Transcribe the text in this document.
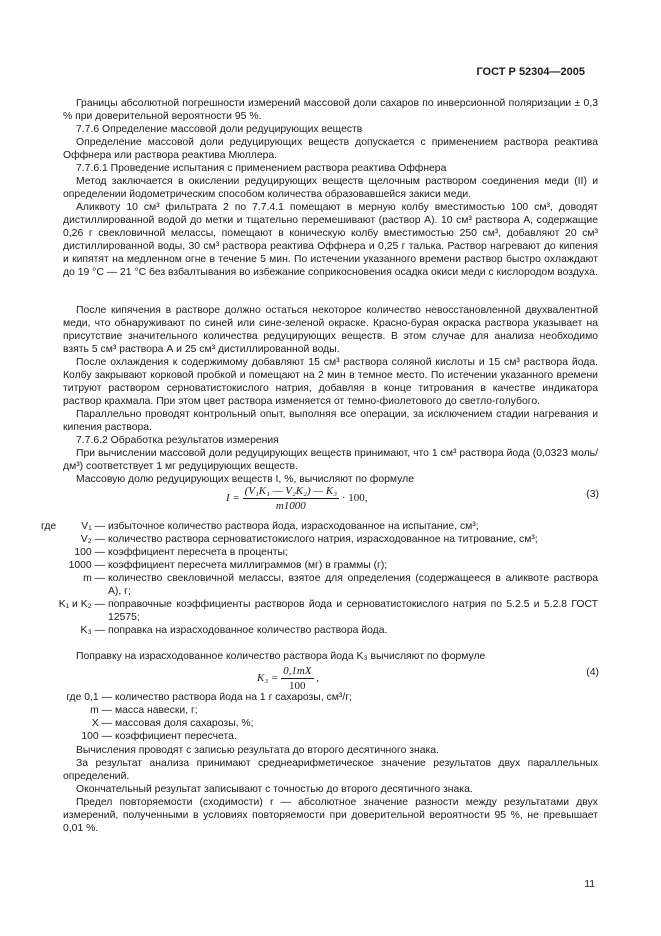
ГОСТ Р 52304—2005

Границы абсолютной погрешности измерений массовой доли сахаров по инверсионной поляризации ± 0,3 % при доверительной вероятности 95 %.

7.7.6 Определение массовой доли редуцирующих веществ

Определение массовой доли редуцирующих веществ допускается с применением раствора реактива Оффнера или раствора реактива Мюллера.

7.7.6.1 Проведение испытания с применением раствора реактива Оффнера

Метод заключается в окислении редуцирующих веществ щелочным раствором соединения меди (II) и определении йодометрическим способом количества образовавшейся закиси меди.

Аликвоту 10 см³ фильтрата 2 по 7.7.4.1 помещают в мерную колбу вместимостью 100 см³, доводят дистиллированной водой до метки и тщательно перемешивают (раствор А). 10 см³ раствора А, содержащие 0,26 г свекловичной мелассы, помещают в коническую колбу вместимостью 250 см³, добавляют 20 см³ дистиллированной воды, 30 см³ раствора реактива Оффнера и 0,25 г талька. Раствор нагревают до кипения и кипятят на медленном огне в течение 5 мин. По истечении указанного времени раствор быстро охлаждают до 19 °С — 21 °С без взбалтывания во избежание соприкосновения осадка окиси меди с кислородом воздуха.

После кипячения в растворе должно остаться некоторое количество невосстановленной двухвалентной меди, что обнаруживают по синей или сине-зеленой окраске. Красно-бурая окраска раствора указывает на присутствие значительного количества редуцирующих веществ. В этом случае для анализа необходимо взять 5 см³ раствора А и 25 см³ дистиллированной воды.

После охлаждения к содержимому добавляют 15 см³ раствора соляной кислоты и 15 см³ раствора йода. Колбу закрывают корковой пробкой и помещают на 2 мин в темное место. По истечении указанного времени титруют раствором серноватистокислого натрия, добавляя в конце титрования в качестве индикатора раствор крахмала. При этом цвет раствора изменяется от темно-фиолетового до светло-голубого.

Параллельно проводят контрольный опыт, выполняя все операции, за исключением стадии нагревания и кипения раствора.

7.7.6.2 Обработка результатов измерения

При вычислении массовой доли редуцирующих веществ принимают, что 1 см³ раствора йода (0,0323 моль/дм³) соответствует 1 мг редуцирующих веществ.

Массовую долю редуцирующих веществ I, %, вычисляют по формуле

$I = \frac{\text{(V₁K₁ — V₂K₂) — K₃}}{m1000} \cdot 100$,	(3)
где	V₁ — избыточное количество раствора йода, израсходованное на испытание, см³;
V₂ — количество раствора серноватистокислого натрия, израсходованное на титрование, см³;
100 — коэффициент пересчета в проценты;
1000 — коэффициент пересчета миллиграммов (мг) в граммы (г);
m — количество свекловичной мелассы, взятое для определения (содержащееся в аликвоте раствора А), г;
K₁ и K₂ — поправочные коэффициенты растворов йода и серноватистокислого натрия по 5.2.5 и 5.2.8 ГОСТ 12575;
K₃ — поправка на израсходованное количество раствора йода.

Поправку на израсходованное количество раствора йода K₃ вычисляют по формуле

$K_3 = \frac{0,1mX}{100}$ ,	(4)
где 0,1 — количество раствора йода на 1 г сахарозы, см³/г;
m — масса навески, г;
X — массовая доля сахарозы, %;
100 — коэффициент пересчета.

Вычисления проводят с записью результата до второго десятичного знака.

За результат анализа принимают среднеарифметическое значение результатов двух параллельных определений.

Окончательный результат записывают с точностью до второго десятичного знака.

Предел повторяемости (сходимости) r — абсолютное значение разности между результатами двух измерений, полученными в условиях повторяемости при доверительной вероятности 95 %, не превышает 0,01 %.

11
